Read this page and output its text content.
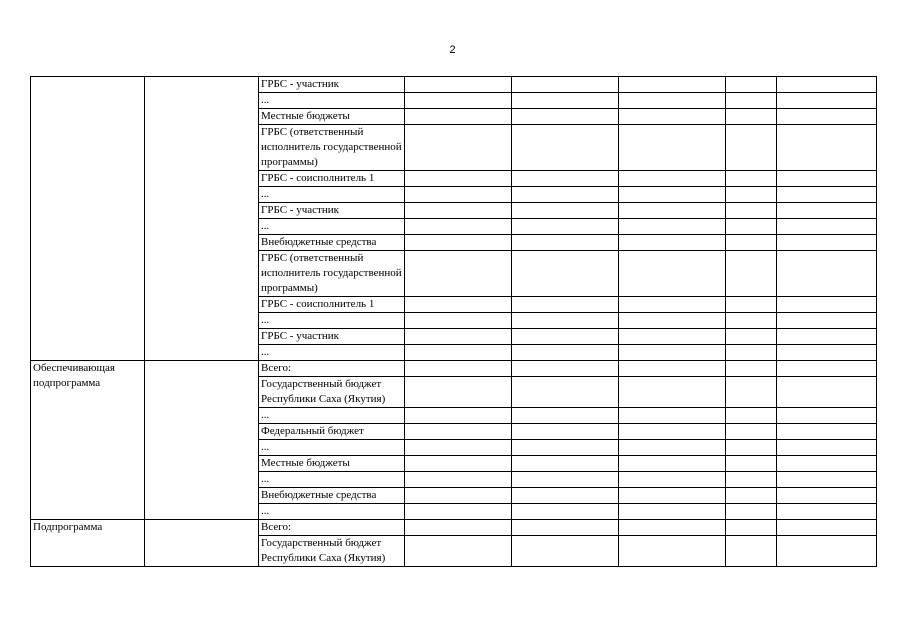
2
		ГРБС - участник					
		...					
		Местные бюджеты					
		ГРБС (ответственный исполнитель государственной программы)					
		ГРБС - соисполнитель 1					
		...					
		ГРБС - участник					
		...					
		Внебюджетные средства					
		ГРБС (ответственный исполнитель государственной программы)					
		ГРБС - соисполнитель 1					
		...					
		ГРБС - участник					
		...					
Обеспечивающая подпрограмма		Всего:					
		Государственный бюджет Республики Саха (Якутия)					
		...					
		Федеральный бюджет					
		...					
		Местные бюджеты					
		...					
		Внебюджетные средства					
		...					
Подпрограмма		Всего:					
		Государственный бюджет Республики Саха (Якутия)					
